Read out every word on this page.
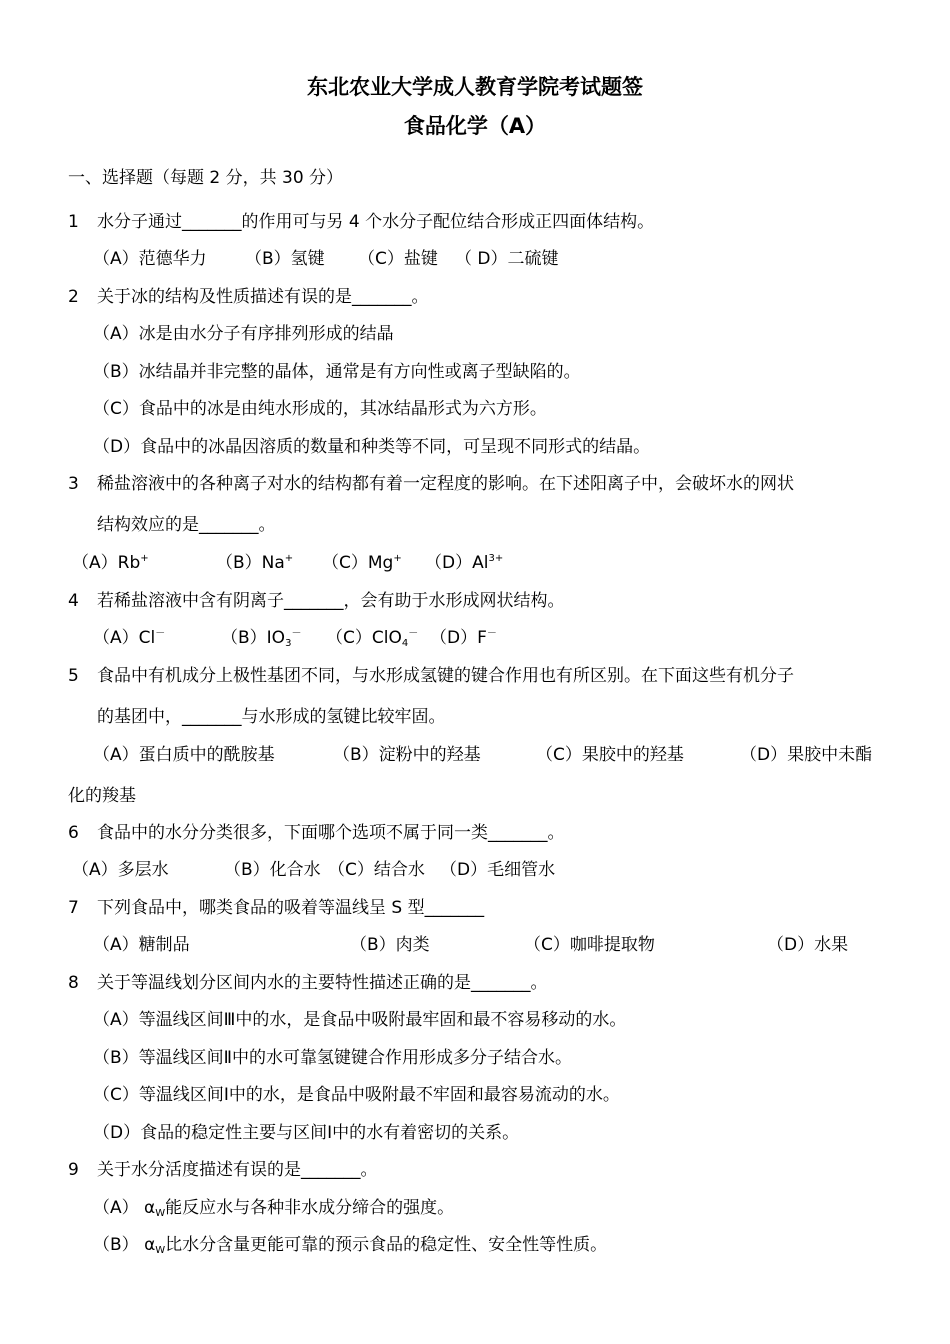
东北农业大学成人教育学院考试题签
食品化学（A）
一、选择题（每题 2 分，共 30 分）
1 水分子通过_______的作用可与另 4 个水分子配位结合形成正四面体结构。
（A）范德华力 （B）氢键 （C）盐键 （ D）二硫键
2 关于冰的结构及性质描述有误的是_______。
（A）冰是由水分子有序排列形成的结晶
（B）冰结晶并非完整的晶体，通常是有方向性或离子型缺陷的。
（C）食品中的冰是由纯水形成的，其冰结晶形式为六方形。
（D）食品中的冰晶因溶质的数量和种类等不同，可呈现不同形式的结晶。
3 稀盐溶液中的各种离子对水的结构都有着一定程度的影响。在下述阳离子中，会破坏水的网状
结构效应的是_______。
（A）Rb+	（B）Na+ （C）Mg+ $(D)Al^{3+}$
4 若稀盐溶液中含有阴离子_______，会有助于水形成网状结构。
（A）Cl－	$(B)IO_3^-$ （C）ClO$_4$－ （D）F－
5 食品中有机成分上极性基团不同，与水形成氢键的键合作用也有所区别。在下面这些有机分子
的基团中，_______与水形成的氢键比较牢固。
（A）蛋白质中的酰胺基	（B）淀粉中的羟基	（C）果胶中的羟基	（D）果胶中未酯
化的羧基
6 食品中的水分分类很多，下面哪个选项不属于同一类_______。
（A）多层水	（B）化合水 （C）结合水 （D）毛细管水
7 下列食品中，哪类食品的吸着等温线呈 S 型_______
（A）糖制品	（B）肉类	（C）咖啡提取物	（D）水果
8 关于等温线划分区间内水的主要特性描述正确的是_______。
（A）等温线区间Ⅲ中的水，是食品中吸附最牢固和最不容易移动的水。
（B）等温线区间Ⅱ中的水可靠氢键键合作用形成多分子结合水。
（C）等温线区间Ⅰ中的水，是食品中吸附最不牢固和最容易流动的水。
（D）食品的稳定性主要与区间Ⅰ中的水有着密切的关系。
9 关于水分活度描述有误的是_______。
（A） $\alpha_W$能反应水与各种非水成分缔合的强度。
（B） $\alpha_W$比水分含量更能可靠的预示食品的稳定性、安全性等性质。
